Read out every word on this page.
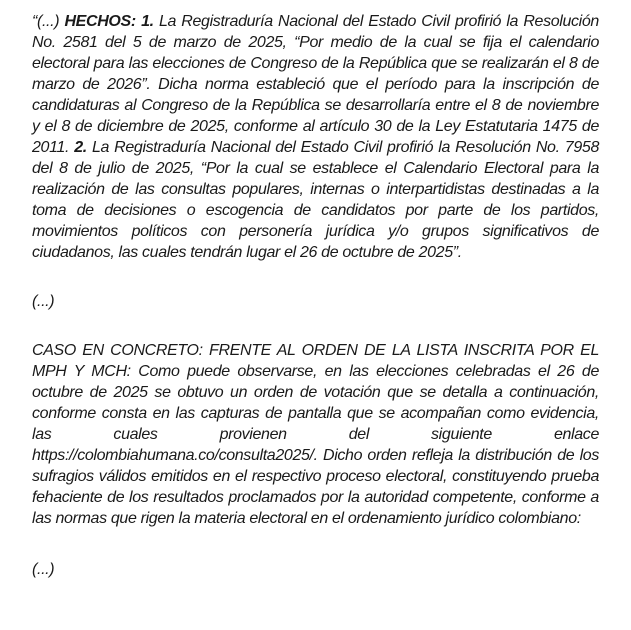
“(...) HECHOS: 1. La Registraduría Nacional del Estado Civil profirió la Resolución No. 2581 del 5 de marzo de 2025, “Por medio de la cual se fija el calendario electoral para las elecciones de Congreso de la República que se realizarán el 8 de marzo de 2026”. Dicha norma estableció que el período para la inscripción de candidaturas al Congreso de la República se desarrollaría entre el 8 de noviembre y el 8 de diciembre de 2025, conforme al artículo 30 de la Ley Estatutaria 1475 de 2011. 2. La Registraduría Nacional del Estado Civil profirió la Resolución No. 7958 del 8 de julio de 2025, “Por la cual se establece el Calendario Electoral para la realización de las consultas populares, internas o interpartidistas destinadas a la toma de decisiones o escogencia de candidatos por parte de los partidos, movimientos políticos con personería jurídica y/o grupos significativos de ciudadanos, las cuales tendrán lugar el 26 de octubre de 2025”.

(...)

CASO EN CONCRETO: FRENTE AL ORDEN DE LA LISTA INSCRITA POR EL MPH Y MCH: Como puede observarse, en las elecciones celebradas el 26 de octubre de 2025 se obtuvo un orden de votación que se detalla a continuación, conforme consta en las capturas de pantalla que se acompañan como evidencia, las cuales provienen del siguiente enlace https://colombiahumana.co/consulta2025/. Dicho orden refleja la distribución de los sufragios válidos emitidos en el respectivo proceso electoral, constituyendo prueba fehaciente de los resultados proclamados por la autoridad competente, conforme a las normas que rigen la materia electoral en el ordenamiento jurídico colombiano:

(...)
